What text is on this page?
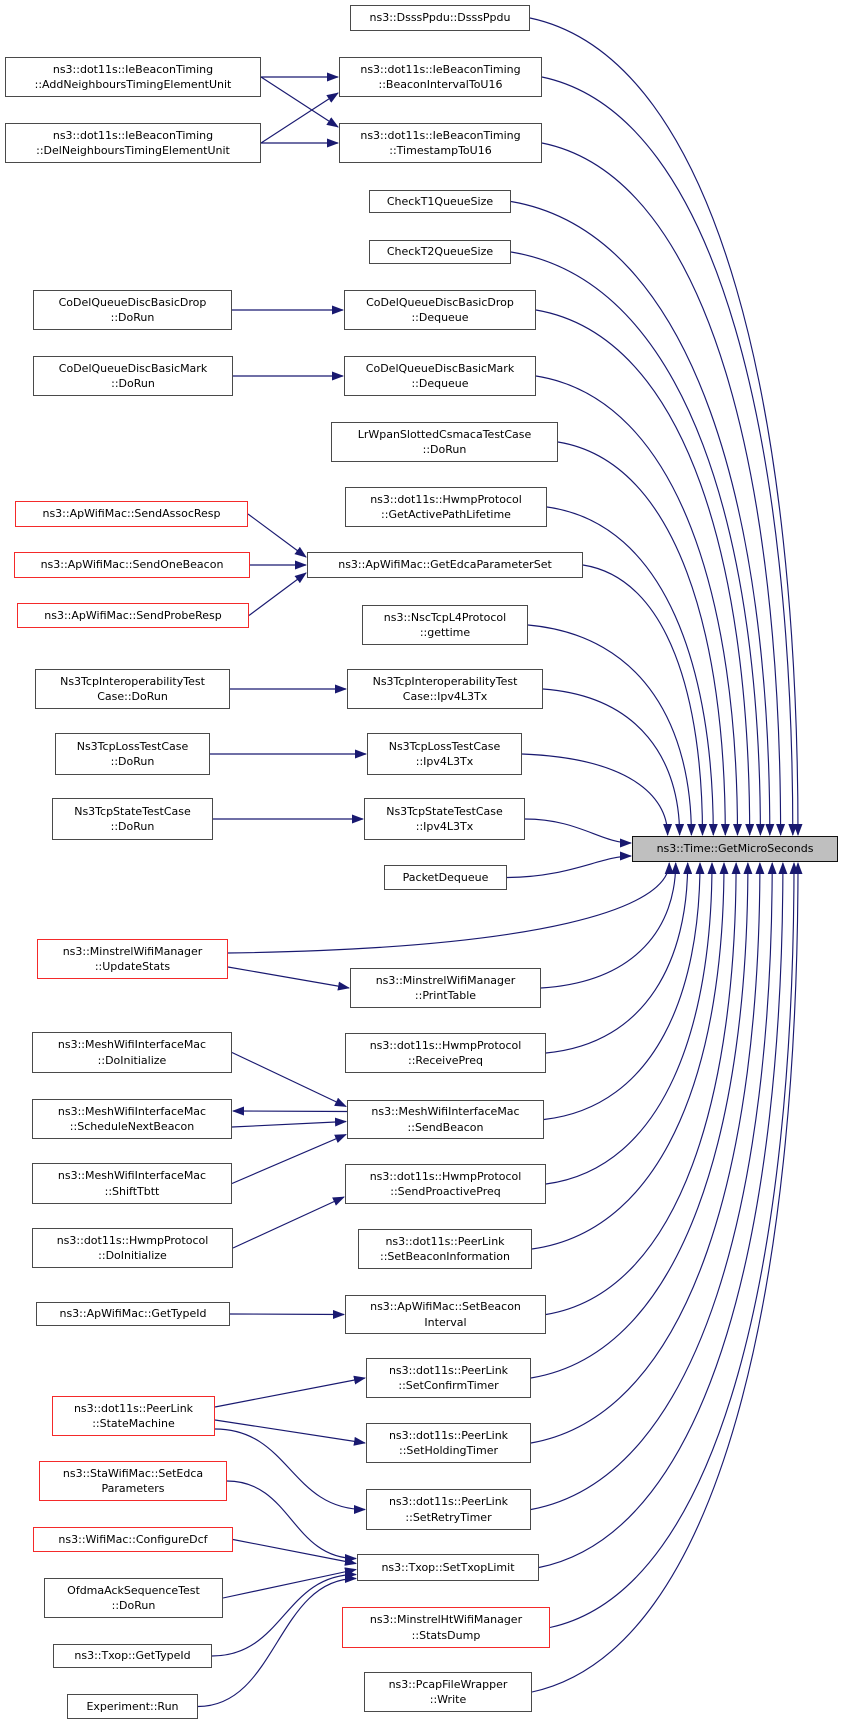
ns3::dot11s::IeBeaconTiming
::AddNeighboursTimingElementUnit
ns3::dot11s::IeBeaconTiming
::DelNeighboursTimingElementUnit
CoDelQueueDiscBasicDrop
::DoRun
CoDelQueueDiscBasicMark
::DoRun
ns3::ApWifiMac::SendAssocResp
ns3::ApWifiMac::SendOneBeacon
ns3::ApWifiMac::SendProbeResp
Ns3TcpInteroperabilityTest
Case::DoRun
Ns3TcpLossTestCase
::DoRun
Ns3TcpStateTestCase
::DoRun
ns3::MinstrelWifiManager
::UpdateStats
ns3::MeshWifiInterfaceMac
::DoInitialize
ns3::MeshWifiInterfaceMac
::ScheduleNextBeacon
ns3::MeshWifiInterfaceMac
::ShiftTbtt
ns3::dot11s::HwmpProtocol
::DoInitialize
ns3::ApWifiMac::GetTypeId
ns3::dot11s::PeerLink
::StateMachine
ns3::StaWifiMac::SetEdca
Parameters
ns3::WifiMac::ConfigureDcf
OfdmaAckSequenceTest
::DoRun
ns3::Txop::GetTypeId
Experiment::Run
ns3::DsssPpdu::DsssPpdu
ns3::dot11s::IeBeaconTiming
::BeaconIntervalToU16
ns3::dot11s::IeBeaconTiming
::TimestampToU16
CheckT1QueueSize
CheckT2QueueSize
CoDelQueueDiscBasicDrop
::Dequeue
CoDelQueueDiscBasicMark
::Dequeue
LrWpanSlottedCsmacaTestCase
::DoRun
ns3::dot11s::HwmpProtocol
::GetActivePathLifetime
ns3::ApWifiMac::GetEdcaParameterSet
ns3::NscTcpL4Protocol
::gettime
Ns3TcpInteroperabilityTest
Case::Ipv4L3Tx
Ns3TcpLossTestCase
::Ipv4L3Tx
Ns3TcpStateTestCase
::Ipv4L3Tx
PacketDequeue
ns3::MinstrelWifiManager
::PrintTable
ns3::dot11s::HwmpProtocol
::ReceivePreq
ns3::MeshWifiInterfaceMac
::SendBeacon
ns3::dot11s::HwmpProtocol
::SendProactivePreq
ns3::dot11s::PeerLink
::SetBeaconInformation
ns3::ApWifiMac::SetBeacon
Interval
ns3::dot11s::PeerLink
::SetConfirmTimer
ns3::dot11s::PeerLink
::SetHoldingTimer
ns3::dot11s::PeerLink
::SetRetryTimer
ns3::Txop::SetTxopLimit
ns3::MinstrelHtWifiManager
::StatsDump
ns3::PcapFileWrapper
::Write
ns3::Time::GetMicroSeconds
